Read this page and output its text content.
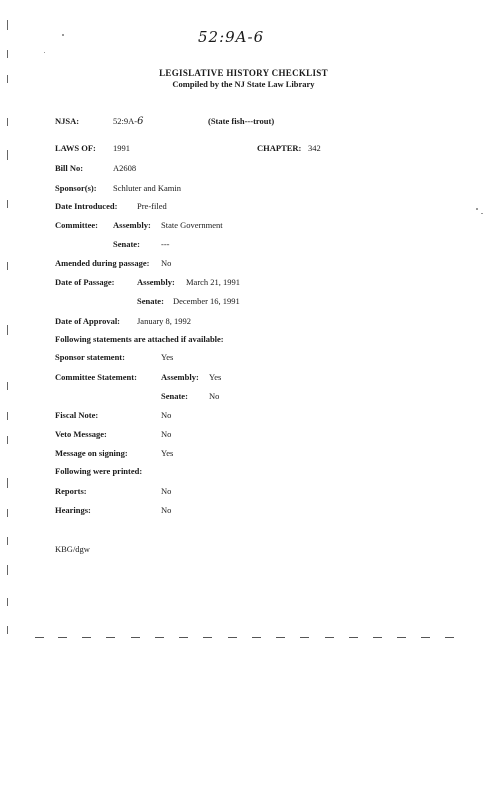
52:9A-6
LEGISLATIVE HISTORY CHECKLIST
Compiled by the NJ State Law Library
NJSA:	52:9A-6	(State fish---trout)
LAWS OF: 1991	CHAPTER: 342
Bill No:	A2608
Sponsor(s): Schluter and Kamin
Date Introduced: Pre-filed
Committee: Assembly: State Government
Senate: ---
Amended during passage: No
Date of Passage:	Assembly: March 21, 1991
Senate: December 16, 1991
Date of Approval: January 8, 1992
Following statements are attached if available:
Sponsor statement:	Yes
Committee Statement:	Assembly: Yes
Senate: No
Fiscal Note:	No
Veto Message:	No
Message on signing:	Yes
Following were printed:
Reports:	No
Hearings:	No
KBG/dgw
